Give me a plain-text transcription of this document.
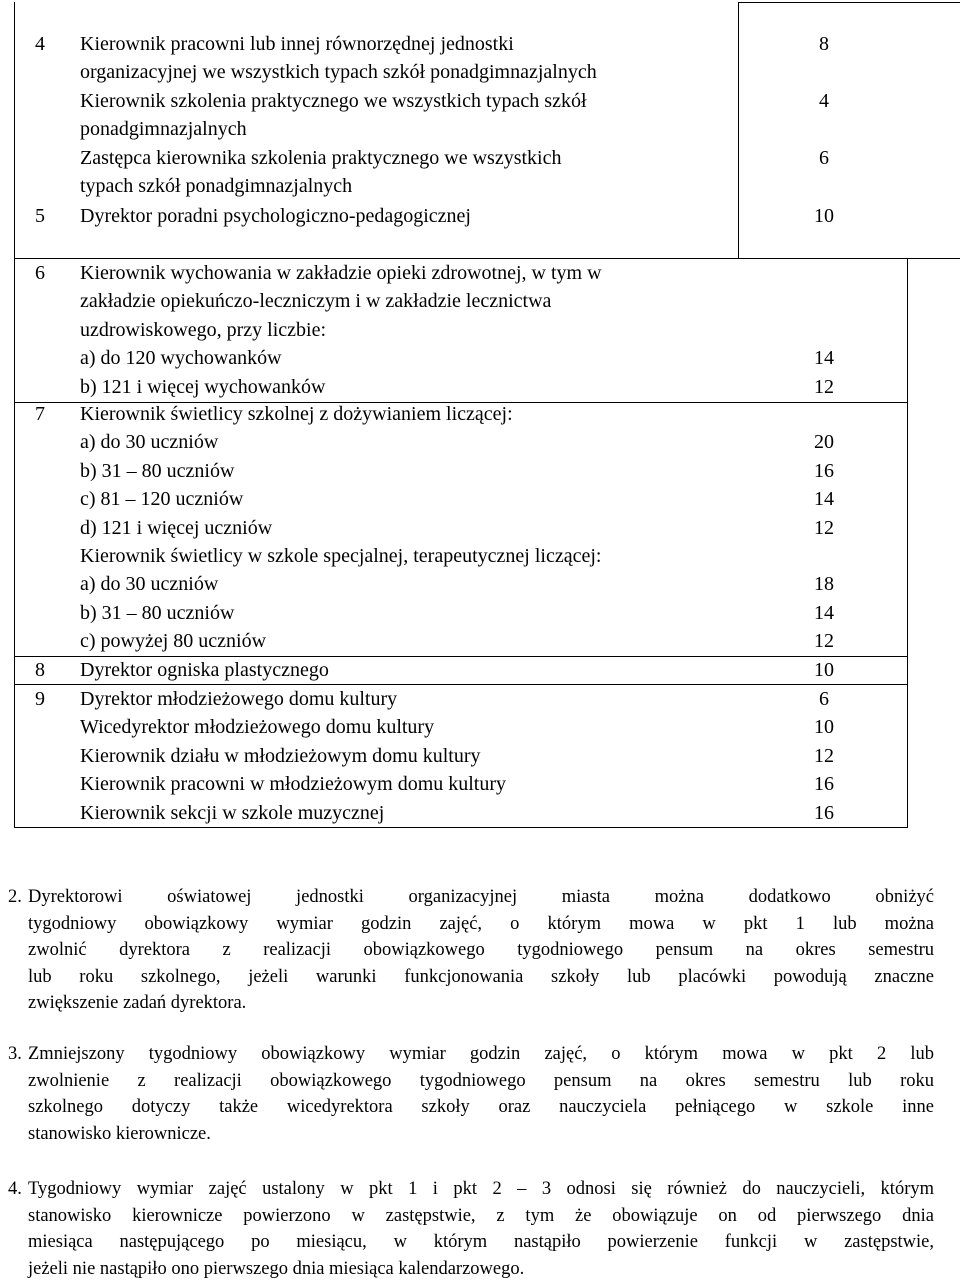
2. Dyrektorowi oświatowej jednostki organizacyjnej miasta można dodatkowo obniżyć
tygodniowy obowiązkowy wymiar godzin zajęć, o którym mowa w pkt 1 lub można
zwolnić dyrektora z realizacji obowiązkowego tygodniowego pensum na okres semestru
lub roku szkolnego, jeżeli warunki funkcjonowania szkoły lub placówki powodują znaczne
zwiększenie zadań dyrektora.
3. Zmniejszony tygodniowy obowiązkowy wymiar godzin zajęć, o którym mowa w pkt 2 lub
zwolnienie z realizacji obowiązkowego tygodniowego pensum na okres semestru lub roku
szkolnego dotyczy także wicedyrektora szkoły oraz nauczyciela pełniącego w szkole inne
stanowisko kierownicze.
4. Tygodniowy wymiar zajęć ustalony w pkt 1 i pkt 2 – 3 odnosi się również do nauczycieli, którym
stanowisko kierownicze powierzono w zastępstwie, z tym że obowiązuje on od pierwszego dnia
miesiąca następującego po miesiącu, w którym nastąpiło powierzenie funkcji w zastępstwie,
jeżeli nie nastąpiło ono pierwszego dnia miesiąca kalendarzowego.
4 Kierownik pracowni lub innej równorzędnej jednostki	8
organizacyjnej we wszystkich typach szkół ponadgimnazjalnych
Kierownik szkolenia praktycznego we wszystkich typach szkół	4
ponadgimnazjalnych
Zastępca kierownika szkolenia praktycznego we wszystkich	6
typach szkół ponadgimnazjalnych
5 Dyrektor poradni psychologiczno-pedagogicznej	10
6 Kierownik wychowania w zakładzie opieki zdrowotnej, w tym w
zakładzie opiekuńczo-leczniczym i w zakładzie lecznictwa
uzdrowiskowego, przy liczbie:
a) do 120 wychowanków	14
b) 121 i więcej wychowanków	12
7 Kierownik świetlicy szkolnej z dożywianiem liczącej:
a) do 30 uczniów	20
b) 31 – 80 uczniów	16
c) 81 – 120 uczniów	14
d) 121 i więcej uczniów	12
Kierownik świetlicy w szkole specjalnej, terapeutycznej liczącej:
a) do 30 uczniów	18
b) 31 – 80 uczniów	14
c) powyżej 80 uczniów	12
8 Dyrektor ogniska plastycznego	10
9 Dyrektor młodzieżowego domu kultury	6
Wicedyrektor młodzieżowego domu kultury	10
Kierownik działu w młodzieżowym domu kultury	12
Kierownik pracowni w młodzieżowym domu kultury	16
Kierownik sekcji w szkole muzycznej	16
